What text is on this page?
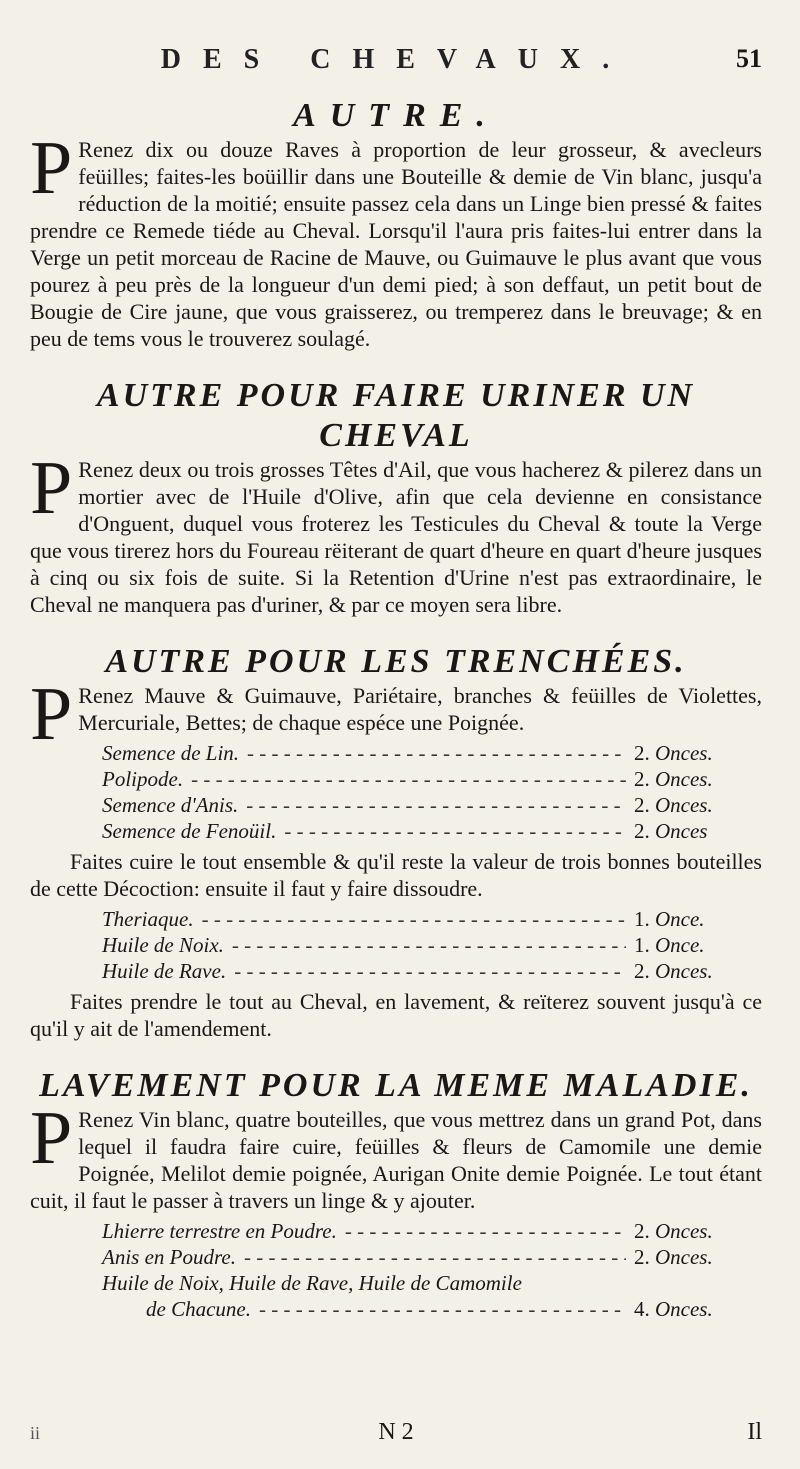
DES CHEVAUX.	51
AUTRE.

P Renez dix ou douze Raves à proportion de leur grosseur, & avecleurs feüilles; faites-les boüillir dans une Bouteille & demie de Vin blanc, jusqu'a réduction de la moitié; ensuite passez cela dans un Linge bien pressé & faites prendre ce Remede tiéde au Cheval. Lorsqu'il l'aura pris faites-lui entrer dans la Verge un petit morceau de Racine de Mauve, ou Guimauve le plus avant que vous pourez à peu près de la longueur d'un demi pied; à son deffaut, un petit bout de Bougie de Cire jaune, que vous graisserez, ou tremperez dans le breuvage; & en peu de tems vous le trouverez soulagé.

AUTRE POUR FAIRE URINER UN CHEVAL

P Renez deux ou trois grosses Têtes d'Ail, que vous hacherez & pilerez dans un mortier avec de l'Huile d'Olive, afin que cela devienne en consistance d'Onguent, duquel vous froterez les Testicules du Cheval & toute la Verge que vous tirerez hors du Foureau rëiterant de quart d'heure en quart d'heure jusques à cinq ou six fois de suite. Si la Retention d'Urine n'est pas extraordinaire, le Cheval ne manquera pas d'uriner, & par ce moyen sera libre.

AUTRE POUR LES TRENCHÉES.

P Renez Mauve & Guimauve, Pariétaire, branches & feüilles de Violettes, Mercuriale, Bettes; de chaque espéce une Poignée.

Semence de Lin. - - -	2. Onces.
Polipode. - - -	2. Onces.
Semence d'Anis. - - -	2. Onces.
Semence de Fenoüil. - - -	2. Onces

Faites cuire le tout ensemble & qu'il reste la valeur de trois bonnes bouteilles de cette Décoction: ensuite il faut y faire dissoudre.

Theriaque. - - -	1. Once.
Huile de Noix. - - -	1. Once.
Huile de Rave. - - -	2. Onces.

Faites prendre le tout au Cheval, en lavement, & reïterez souvent jusqu'à ce qu'il y ait de l'amendement.

LAVEMENT POUR LA MEME MALADIE.

P Renez Vin blanc, quatre bouteilles, que vous mettrez dans un grand Pot, dans lequel il faudra faire cuire, feüilles & fleurs de Camomile une demie Poignée, Melilot demie poignée, Aurigan Onite demie Poignée. Le tout étant cuit, il faut le passer à travers un linge & y ajouter.

Lhierre terrestre en Poudre. - - -	2. Onces.
Anis en Poudre. - - -	2. Onces.
Huile de Noix, Huile de Rave, Huile de Camomile
de Chacune. - - -	4. Onces.
ii	N 2	Il
